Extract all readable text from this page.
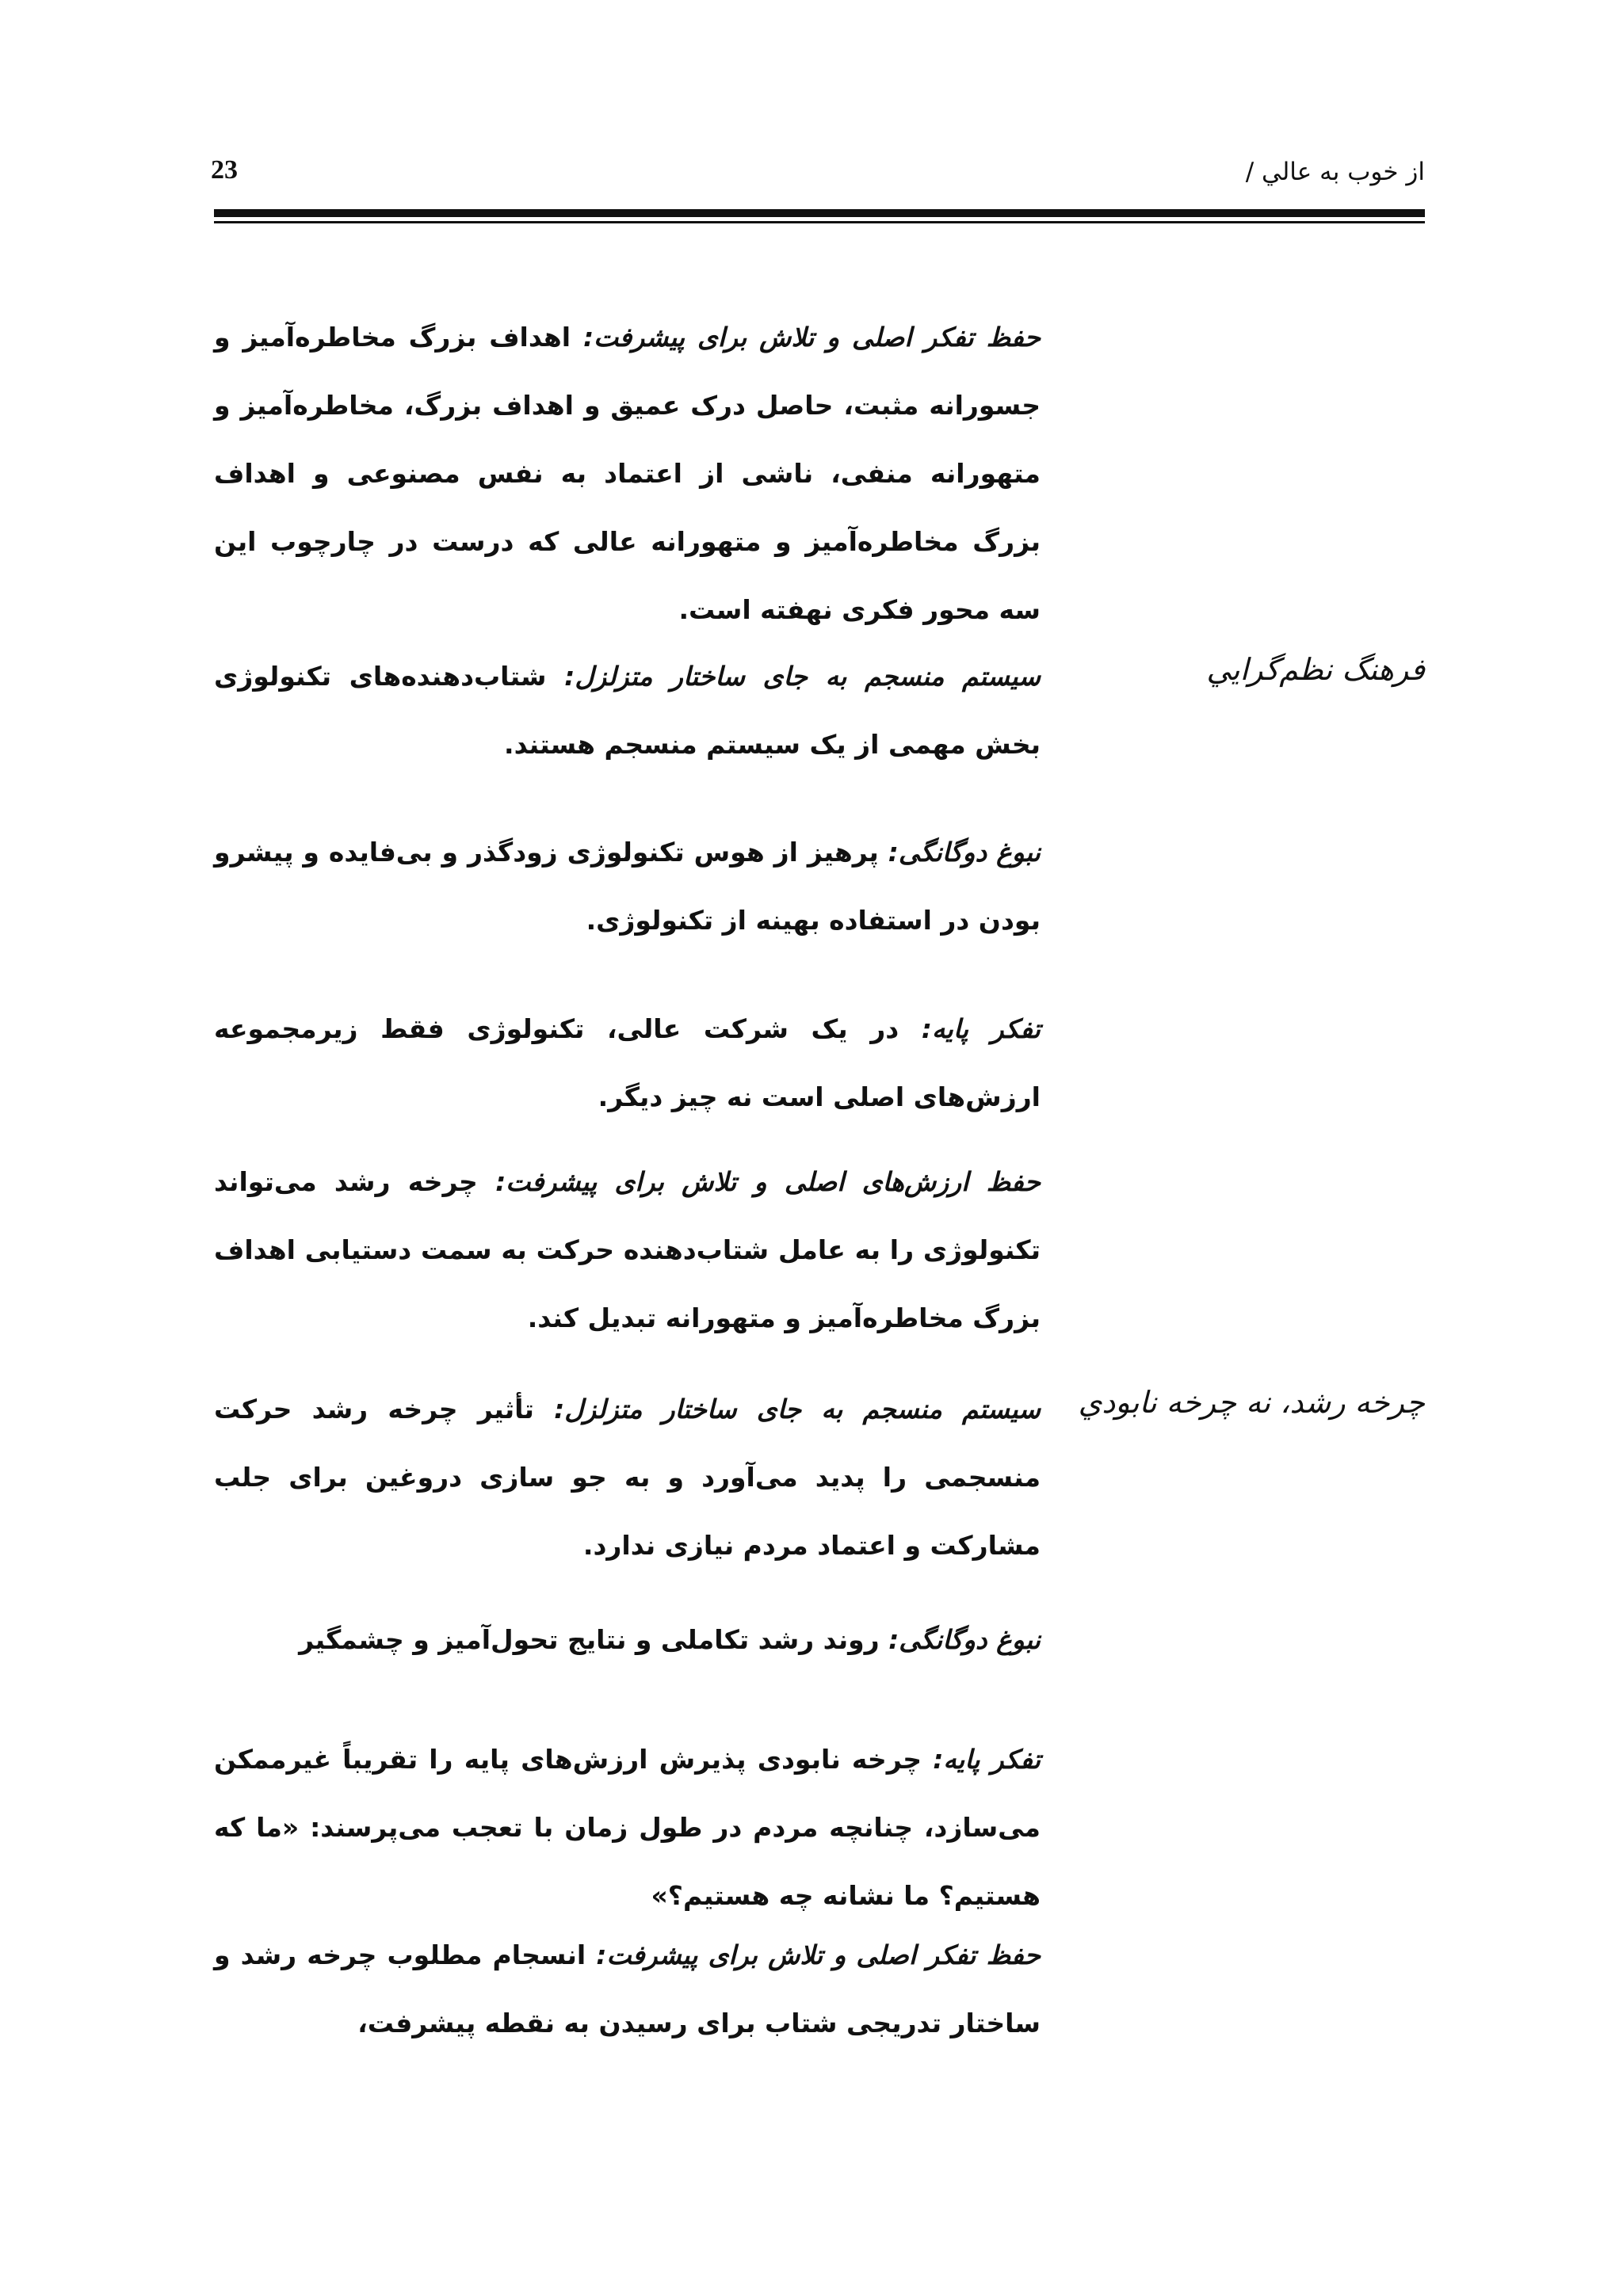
23	از خوب به عالي /
فرهنگ نظم‌گرايي
چرخه رشد، نه چرخه نابودي
حفظ تفکر اصلی و تلاش برای پیشرفت: اهداف بزرگ مخاطره‌آمیز و جسورانه مثبت، حاصل درک عمیق و اهداف بزرگ، مخاطره‌آمیز و متهورانه منفی، ناشی از اعتماد به نفس مصنوعی و اهداف بزرگ مخاطره‌آمیز و متهورانه عالی که درست در چارچوب این سه محور فکری نهفته است.
سیستم منسجم به جای ساختار متزلزل: شتاب‌دهنده‌های تکنولوژی بخش مهمی از یک سیستم منسجم هستند.
نبوغ دوگانگی: پرهیز از هوس تکنولوژی زودگذر و بی‌فایده و پیشرو بودن در استفاده بهینه از تکنولوژی.
تفکر پایه: در یک شرکت عالی، تکنولوژی فقط زیرمجموعه ارزش‌های اصلی است نه چیز دیگر.
حفظ ارزش‌های اصلی و تلاش برای پیشرفت: چرخه رشد می‌تواند تکنولوژی را به عامل شتاب‌دهنده حرکت به سمت دستیابی اهداف بزرگ مخاطره‌آمیز و متهورانه تبدیل کند.
سیستم منسجم به جای ساختار متزلزل: تأثیر چرخه رشد حرکت منسجمی را پدید می‌آورد و به جو سازی دروغین برای جلب مشارکت و اعتماد مردم نیازی ندارد.
نبوغ دوگانگی: روند رشد تکاملی و نتایج تحول‌آمیز و چشمگیر
تفکر پایه: چرخه نابودی پذیرش ارزش‌های پایه را تقریباً غیرممکن می‌سازد، چنانچه مردم در طول زمان با تعجب می‌پرسند: «ما که هستیم؟ ما نشانه چه هستیم؟»
حفظ تفکر اصلی و تلاش برای پیشرفت: انسجام مطلوب چرخه رشد و ساختار تدریجی شتاب برای رسیدن به نقطه پیشرفت،
